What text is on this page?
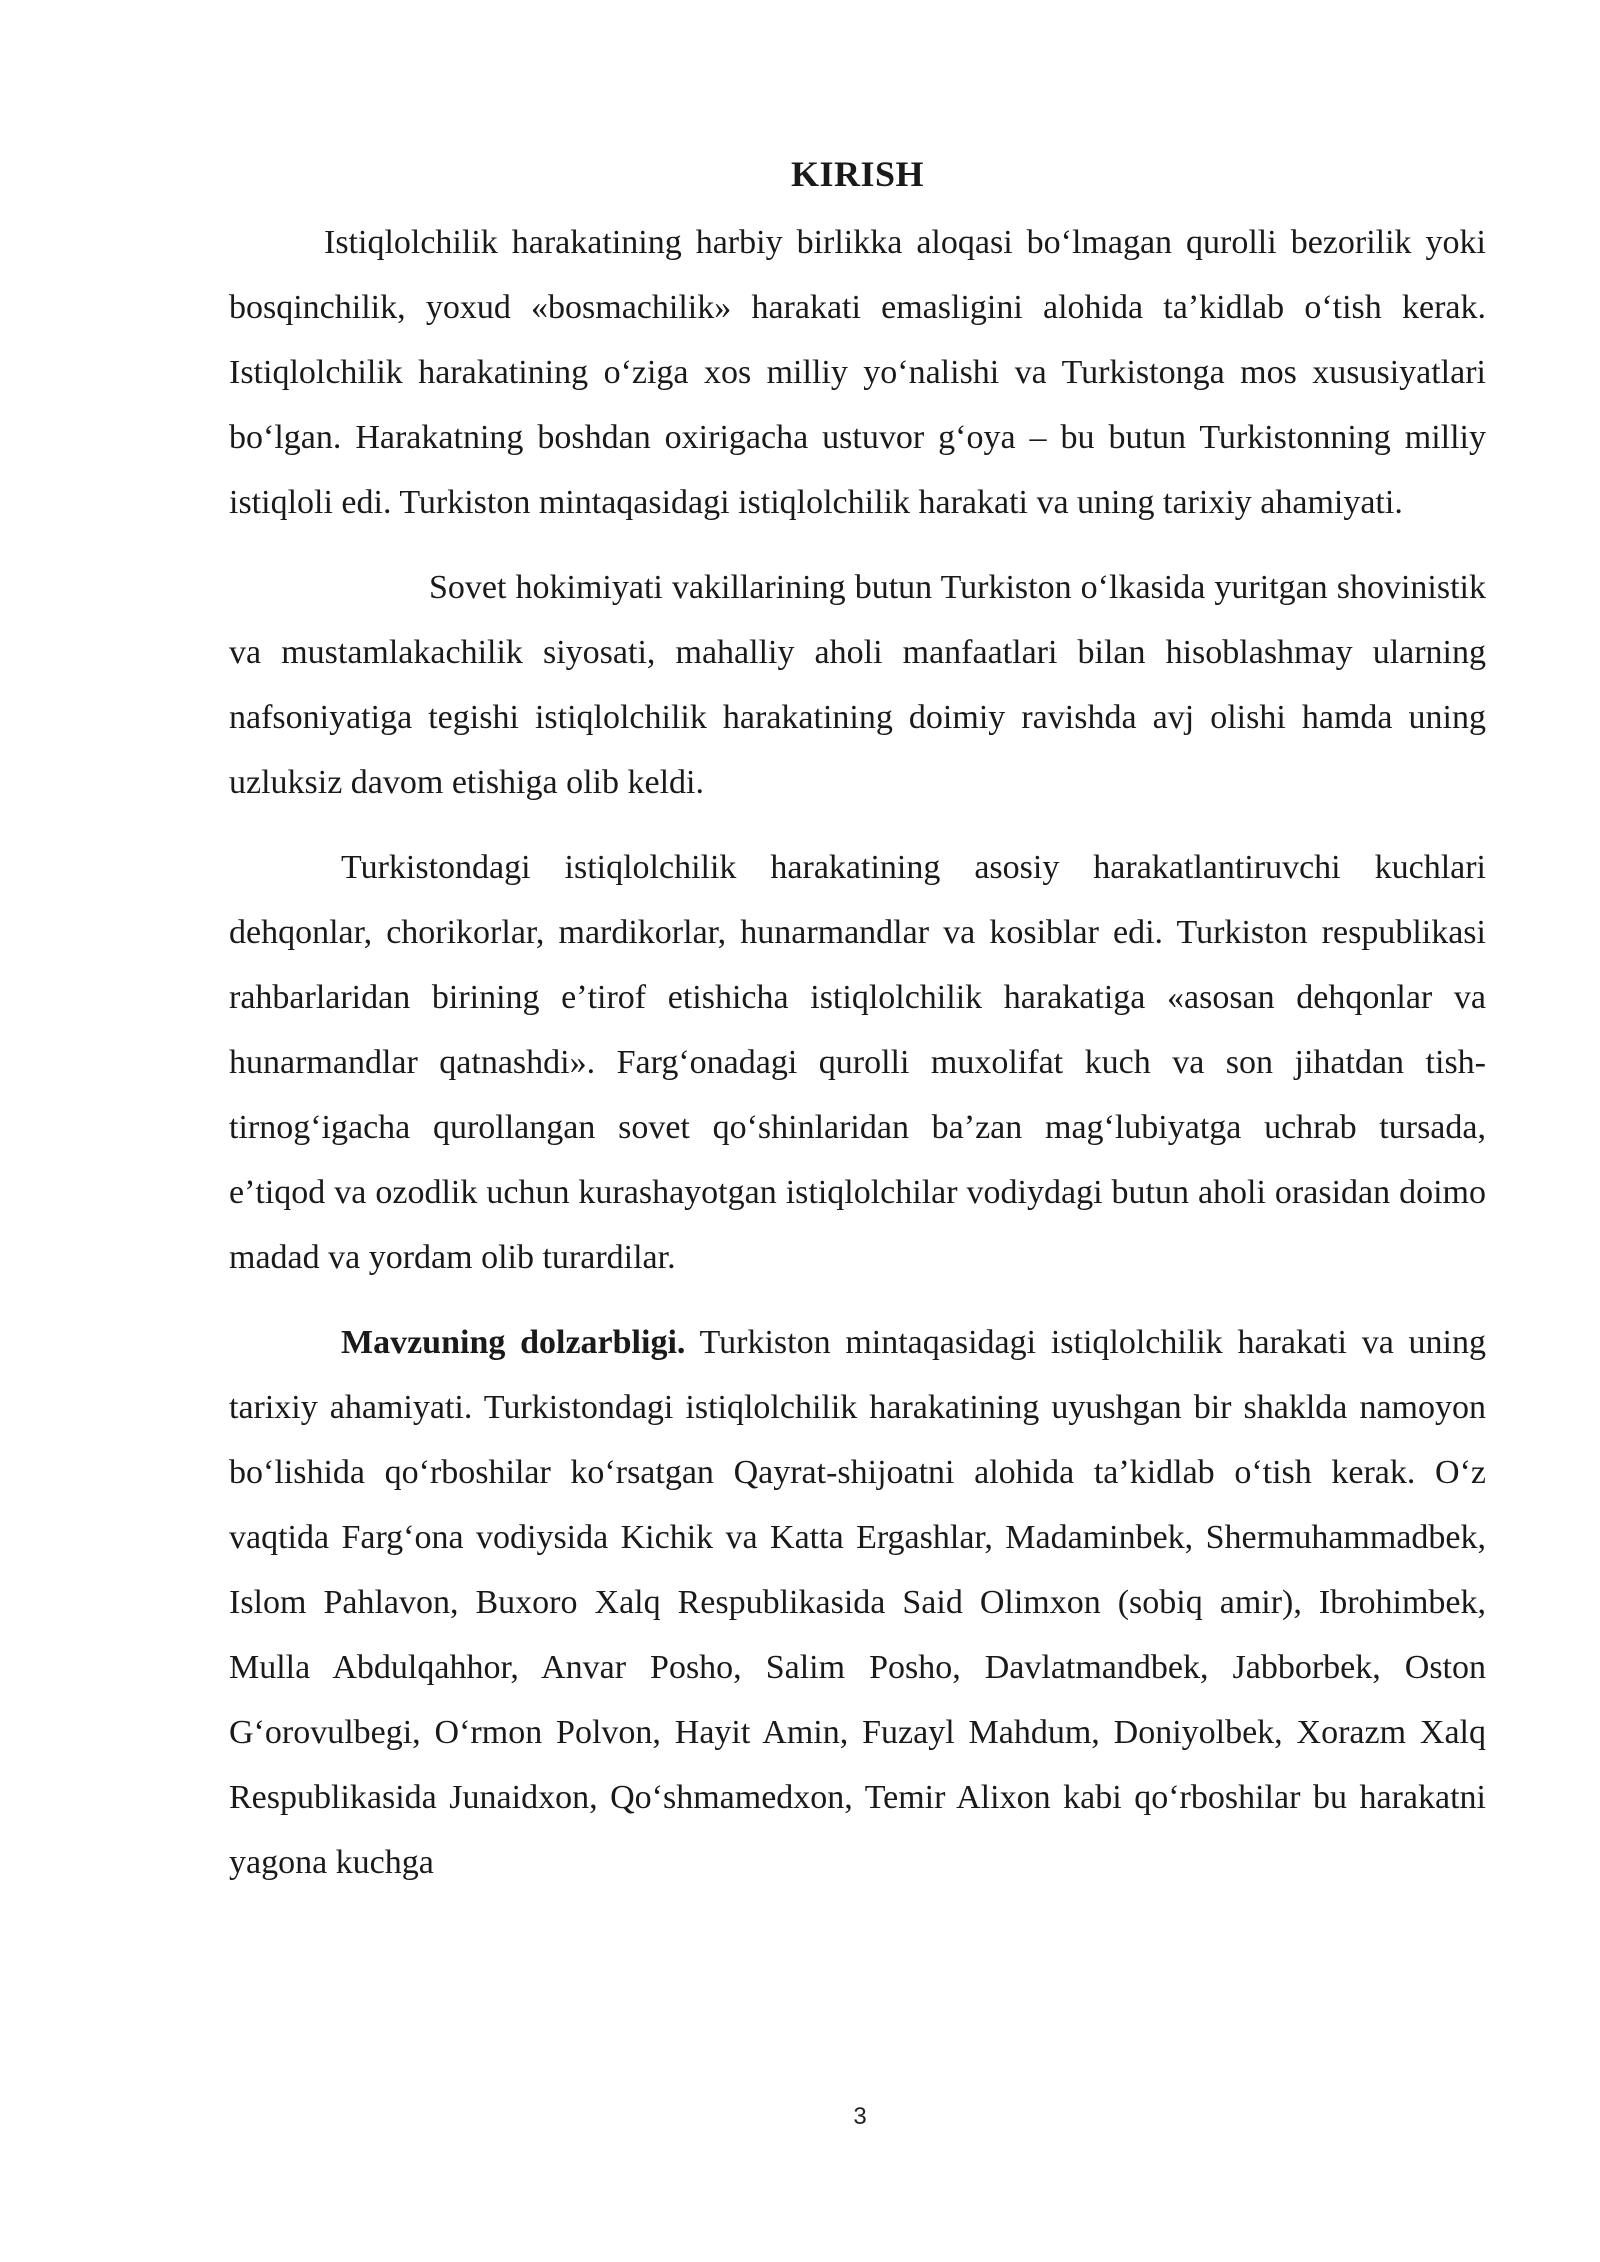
KIRISH

Istiqlolchilik harakatining harbiy birlikka aloqasi boʻlmagan qurolli bezorilik yoki bosqinchilik, yoxud «bosmachilik» harakati emasligini alohida taʼkidlab oʻtish kerak. Istiqlolchilik harakatining oʻziga xos milliy yoʻnalishi va Turkistonga mos xususiyatlari boʻlgan. Harakatning boshdan oxirigacha ustuvor gʻoya – bu butun Turkistonning milliy istiqloli edi. Turkiston mintaqasidagi istiqlolchilik harakati va uning tarixiy ahamiyati.

Sovet hokimiyati vakillarining butun Turkiston oʻlkasida yuritgan shovinistik va mustamlakachilik siyosati, mahalliy aholi manfaatlari bilan hisoblashmay ularning nafsoniyatiga tegishi istiqlolchilik harakatining doimiy ravishda avj olishi hamda uning uzluksiz davom etishiga olib keldi.

Turkistondagi istiqlolchilik harakatining asosiy harakatlantiruvchi kuchlari dehqonlar, chorikorlar, mardikorlar, hunarmandlar va kosiblar edi. Turkiston respublikasi rahbarlaridan birining eʼtirof etishicha istiqlolchilik harakatiga «asosan dehqonlar va hunarmandlar qatnashdi». Fargʻonadagi qurolli muxolifat kuch va son jihatdan tish-tirnogʻigacha qurollangan sovet qoʻshinlaridan baʼzan magʻlubiyatga uchrab tursada, eʼtiqod va ozodlik uchun kurashayotgan istiqlolchilar vodiydagi butun aholi orasidan doimo madad va yordam olib turardilar.

Mavzuning dolzarbligi. Turkiston mintaqasidagi istiqlolchilik harakati va uning tarixiy ahamiyati. Turkistondagi istiqlolchilik harakatining uyushgan bir shaklda namoyon boʻlishida qoʻrboshilar koʻrsatgan Qayrat-shijoatni alohida taʼkidlab oʻtish kerak. Oʻz vaqtida Fargʻona vodiysida Kichik va Katta Ergashlar, Madaminbek, Shermuhammadbek, Islom Pahlavon, Buxoro Xalq Respublikasida Said Olimxon (sobiq amir), Ibrohimbek, Mulla Abdulqahhor, Anvar Posho, Salim Posho, Davlatmandbek, Jabborbek, Oston Gʻorovulbegi, Oʻrmon Polvon, Hayit Amin, Fuzayl Mahdum, Doniyolbek, Xorazm Xalq Respublikasida Junaidxon, Qoʻshmamedxon, Temir Alixon kabi qoʻrboshilar bu harakatni yagona kuchga

3
